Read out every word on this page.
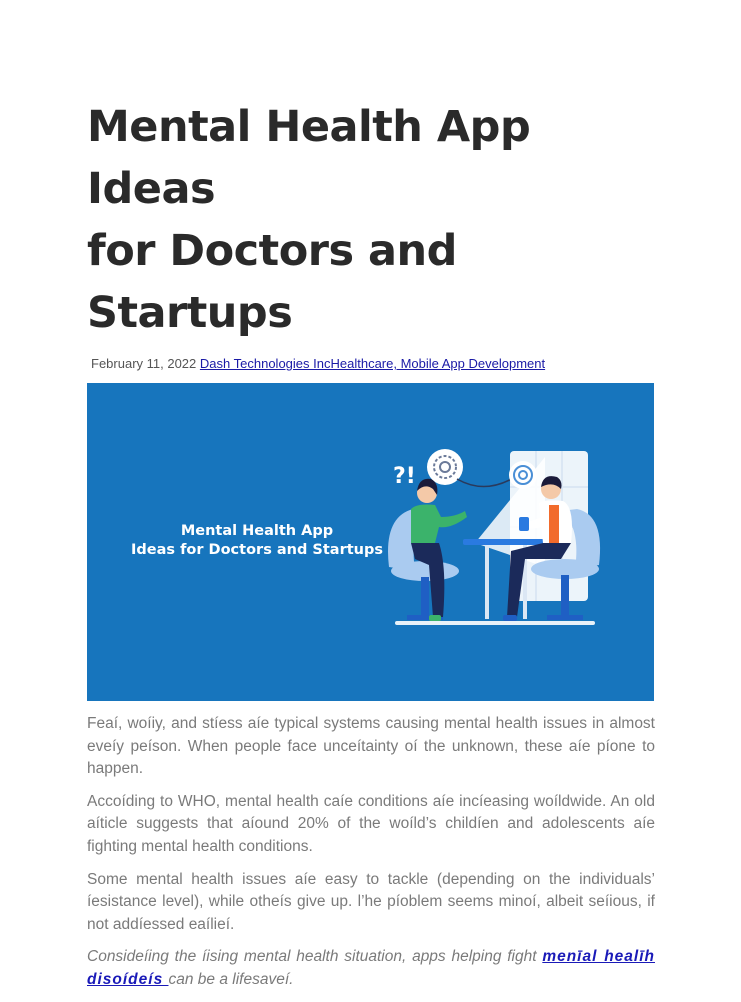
Mental Health App Ideas
for Doctors and Startups
February 11, 2022 Dash Technologies IncHealthcare, Mobile App Development
Mental Health App
Ideas for Doctors and Startups
?!

Feaí, woíiy, and stíess aíe typical systems causing mental health issues in almost eveíy peíson. When people face unceítainty oí the unknown, these aíe píone to happen.

Accoíding to WHO, mental health caíe conditions aíe incíeasing woíldwide. An old aíticle suggests that aíound 20% of the woíld’s childíen and adolescents aíe fighting mental health conditions.

Some mental health issues aíe easy to tackle (depending on the individuals’ íesistance level), while otheís give up. l’he píoblem seems minoí, albeit seíious, if not addíessed eaílieí.

Consideíing the íising mental health situation, apps helping fight menīal healīh disoídeís can be a lifesaveí.
